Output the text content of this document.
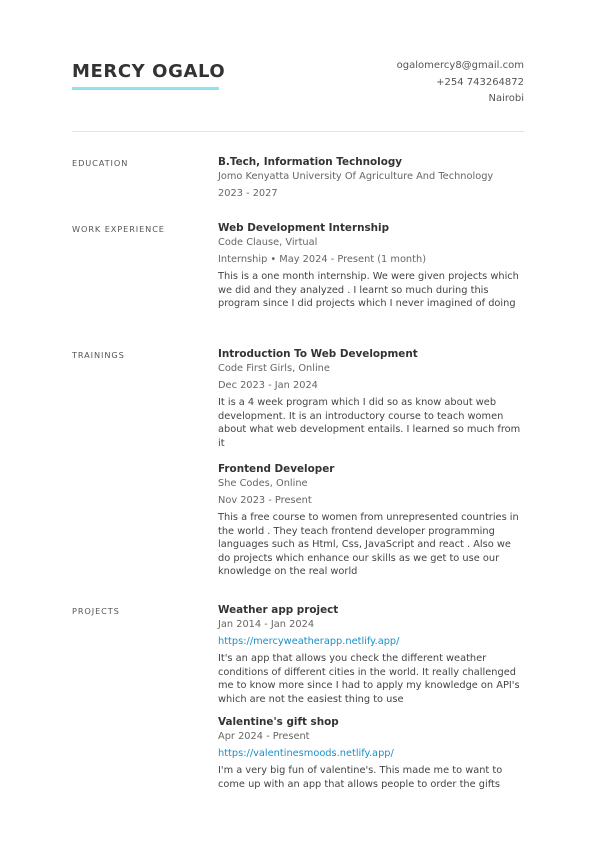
MERCY OGALO	ogalomercy8@gmail.com
+254 743264872
Nairobi
EDUCATION	B.Tech, Information Technology
Jomo Kenyatta University Of Agriculture And Technology
2023 - 2027
WORK EXPERIENCE	Web Development Internship
Code Clause, Virtual
Internship • May 2024 - Present (1 month)
This is a one month internship. We were given projects which we did and they analyzed . I learnt so much during this program since I did projects which I never imagined of doing
TRAININGS	Introduction To Web Development
Code First Girls, Online
Dec 2023 - Jan 2024
It is a 4 week program which I did so as know about web development. It is an introductory course to teach women about what web development entails. I learned so much from it
Frontend Developer
She Codes, Online
Nov 2023 - Present
This a free course to women from unrepresented countries in the world . They teach frontend developer programming languages such as Html, Css, JavaScript and react . Also we do projects which enhance our skills as we get to use our knowledge on the real world
PROJECTS	Weather app project
Jan 2014 - Jan 2024
https://mercyweatherapp.netlify.app/
It's an app that allows you check the different weather conditions of different cities in the world. It really challenged me to know more since I had to apply my knowledge on API's which are not the easiest thing to use
Valentine's gift shop
Apr 2024 - Present
https://valentinesmoods.netlify.app/
I'm a very big fun of valentine's. This made me to want to come up with an app that allows people to order the gifts
